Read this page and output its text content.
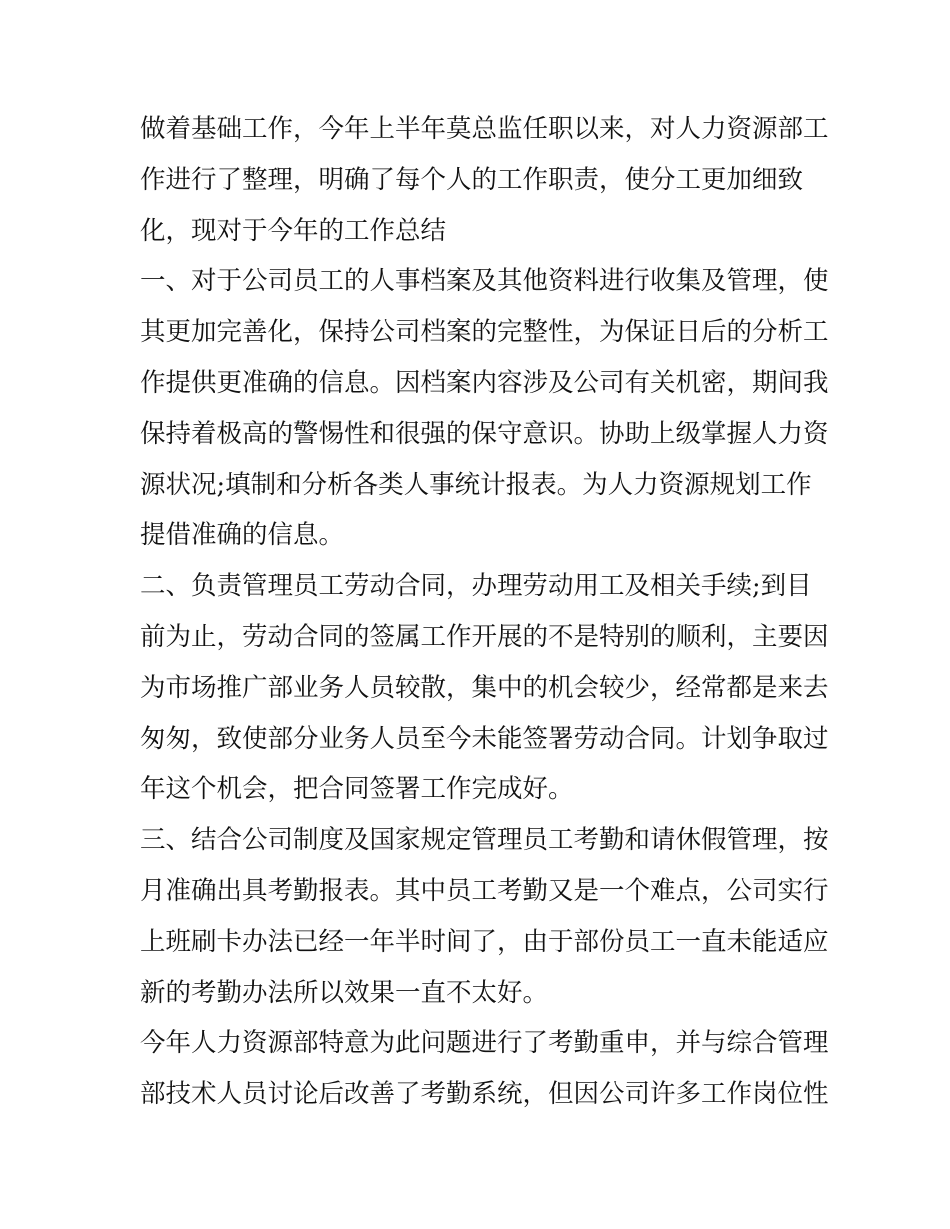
做着基础工作，今年上半年莫总监任职以来，对人力资源部工
作进行了整理，明确了每个人的工作职责，使分工更加细致
化，现对于今年的工作总结
一、对于公司员工的人事档案及其他资料进行收集及管理，使
其更加完善化，保持公司档案的完整性，为保证日后的分析工
作提供更准确的信息。因档案内容涉及公司有关机密，期间我
保持着极高的警惕性和很强的保守意识。协助上级掌握人力资
源状况;填制和分析各类人事统计报表。为人力资源规划工作
提借准确的信息。
二、负责管理员工劳动合同，办理劳动用工及相关手续;到目
前为止，劳动合同的签属工作开展的不是特别的顺利，主要因
为市场推广部业务人员较散，集中的机会较少，经常都是来去
匆匆，致使部分业务人员至今未能签署劳动合同。计划争取过
年这个机会，把合同签署工作完成好。
三、结合公司制度及国家规定管理员工考勤和请休假管理，按
月准确出具考勤报表。其中员工考勤又是一个难点，公司实行
上班刷卡办法已经一年半时间了，由于部份员工一直未能适应
新的考勤办法所以效果一直不太好。
今年人力资源部特意为此问题进行了考勤重申，并与综合管理
部技术人员讨论后改善了考勤系统，但因公司许多工作岗位性
